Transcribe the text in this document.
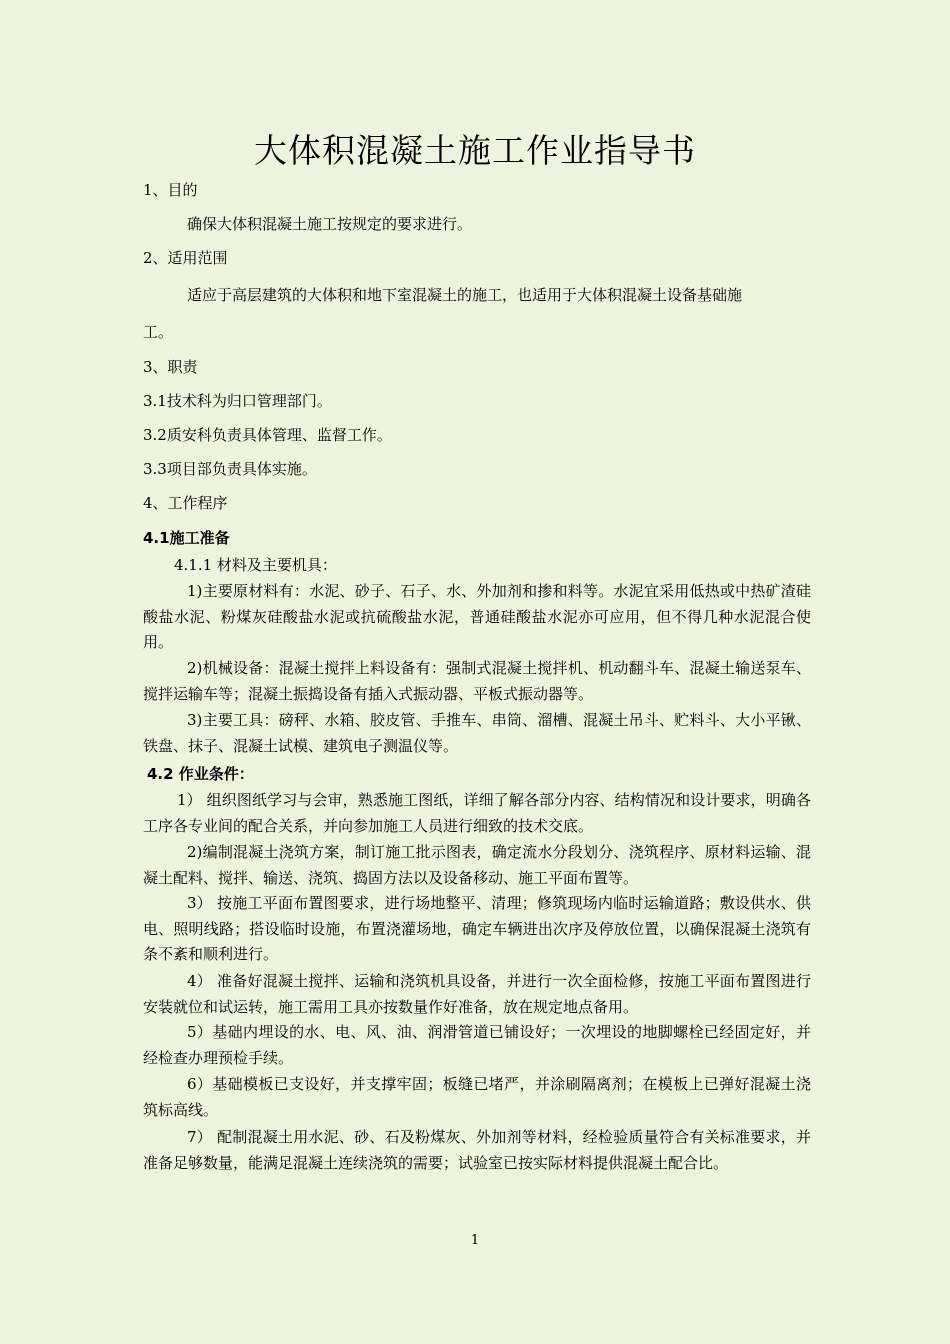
大体积混凝土施工作业指导书
1、目的
确保大体积混凝土施工按规定的要求进行。
2、适用范围
适应于高层建筑的大体积和地下室混凝土的施工，也适用于大体积混凝土设备基础施
工。
3、职责
3.1技术科为归口管理部门。
3.2质安科负责具体管理、监督工作。
3.3项目部负责具体实施。
4、工作程序
4.1施工准备
4.1.1 材料及主要机具：
1)主要原材料有：水泥、砂子、石子、水、外加剂和掺和料等。水泥宜采用低热或中热矿渣硅酸盐水泥、粉煤灰硅酸盐水泥或抗硫酸盐水泥，普通硅酸盐水泥亦可应用，但不得几种水泥混合使用。
2)机械设备：混凝土搅拌上料设备有：强制式混凝土搅拌机、机动翻斗车、混凝土输送泵车、搅拌运输车等；混凝土振捣设备有插入式振动器、平板式振动器等。
3)主要工具：磅秤、水箱、胶皮管、手推车、串筒、溜槽、混凝土吊斗、贮料斗、大小平锹、铁盘、抹子、混凝土试模、建筑电子测温仪等。
4.2 作业条件：
1） 组织图纸学习与会审，熟悉施工图纸，详细了解各部分内容、结构情况和设计要求，明确各工序各专业间的配合关系，并向参加施工人员进行细致的技术交底。
2)编制混凝土浇筑方案，制订施工批示图表，确定流水分段划分、浇筑程序、原材料运输、混凝土配料、搅拌、输送、浇筑、捣固方法以及设备移动、施工平面布置等。
3） 按施工平面布置图要求，进行场地整平、清理；修筑现场内临时运输道路；敷设供水、供电、照明线路；搭设临时设施，布置浇灌场地，确定车辆进出次序及停放位置，以确保混凝土浇筑有条不紊和顺利进行。
4） 准备好混凝土搅拌、运输和浇筑机具设备，并进行一次全面检修，按施工平面布置图进行安装就位和试运转，施工需用工具亦按数量作好准备，放在规定地点备用。
5）基础内埋设的水、电、风、油、润滑管道已铺设好；一次埋设的地脚螺栓已经固定好，并经检查办理预检手续。
6）基础模板已支设好，并支撑牢固；板缝已堵严，并涂刷隔离剂；在模板上已弹好混凝土浇筑标高线。
7） 配制混凝土用水泥、砂、石及粉煤灰、外加剂等材料，经检验质量符合有关标准要求，并准备足够数量，能满足混凝土连续浇筑的需要；试验室已按实际材料提供混凝土配合比。
1
